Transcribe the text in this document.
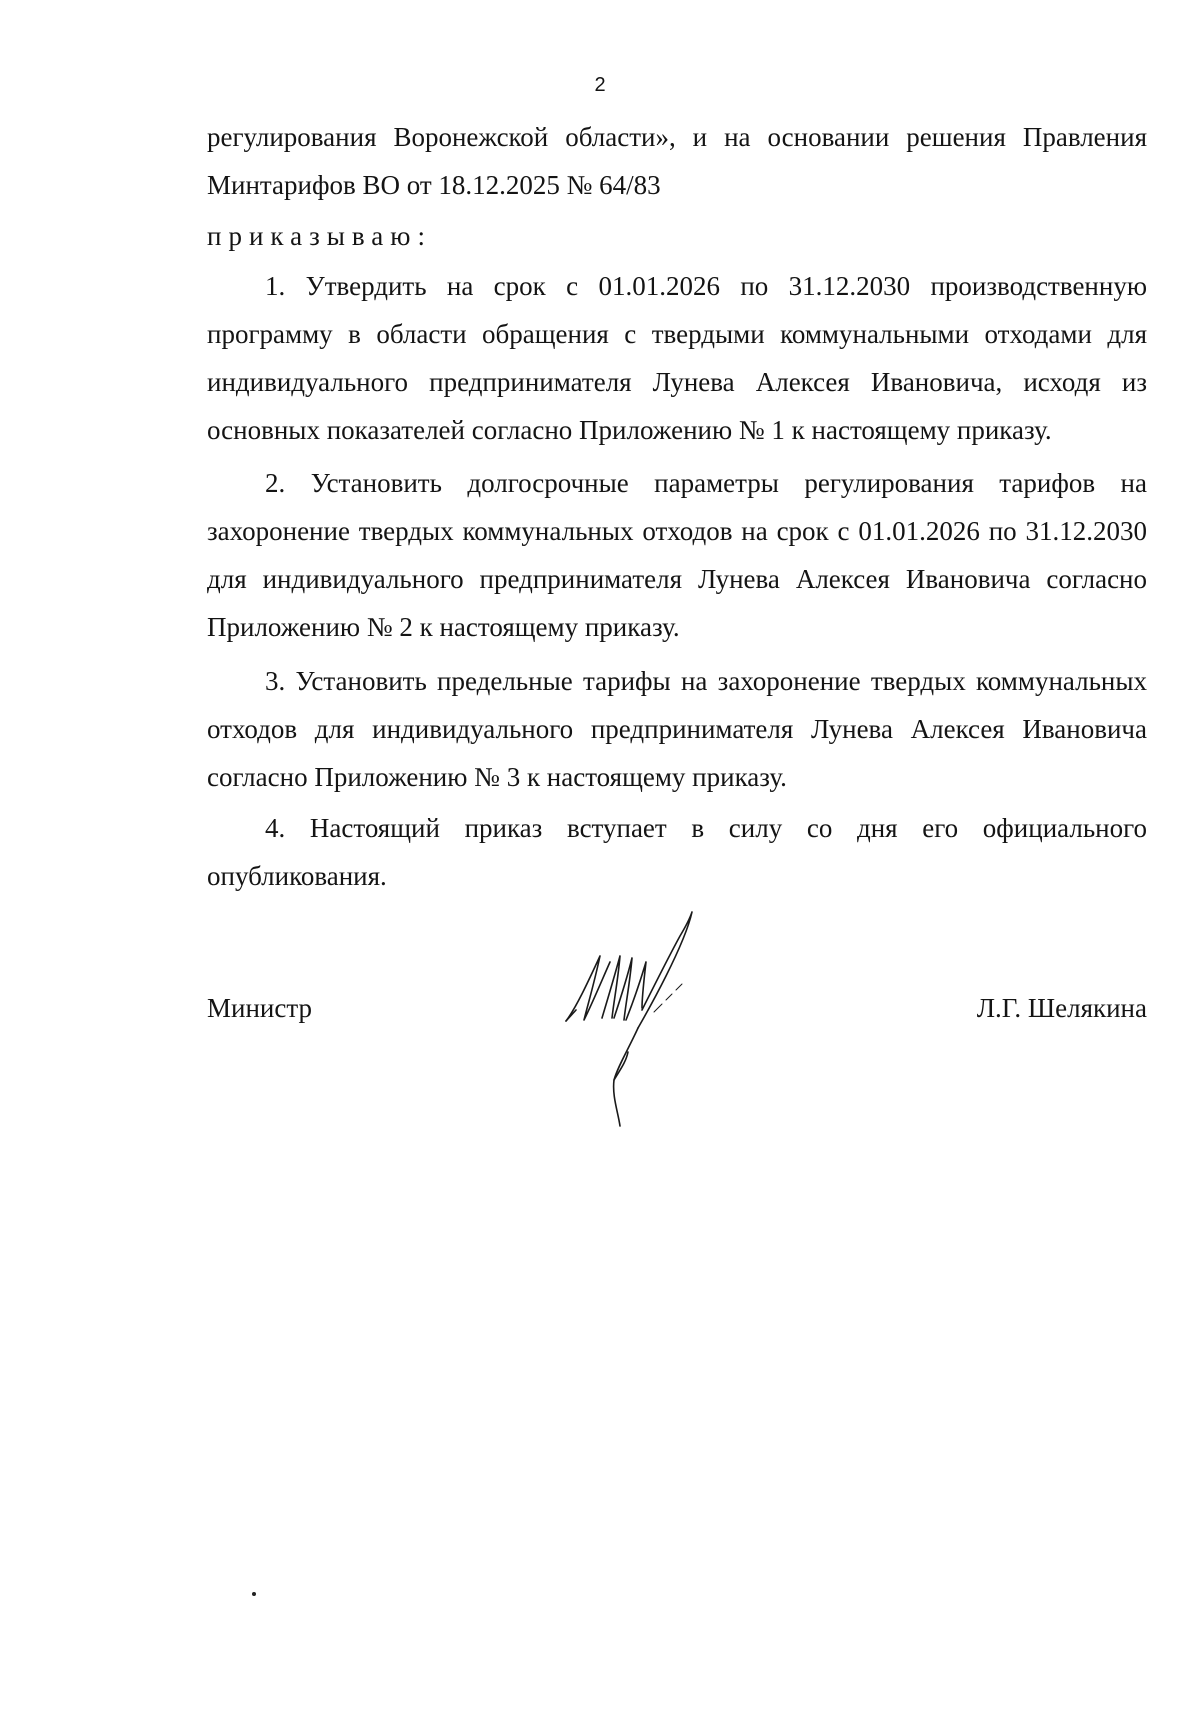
2
регулирования Воронежской области», и на основании решения Правления
Минтарифов ВО от 18.12.2025 № 64/83
приказываю:

1. Утвердить на срок с 01.01.2026 по 31.12.2030 производственную программу в области обращения с твердыми коммунальными отходами для индивидуального предпринимателя Лунева Алексея Ивановича, исходя из основных показателей согласно Приложению № 1 к настоящему приказу.

2. Установить долгосрочные параметры регулирования тарифов на захоронение твердых коммунальных отходов на срок с 01.01.2026 по 31.12.2030 для индивидуального предпринимателя Лунева Алексея Ивановича согласно Приложению № 2 к настоящему приказу.

3. Установить предельные тарифы на захоронение твердых коммунальных отходов для индивидуального предпринимателя Лунева Алексея Ивановича согласно Приложению № 3 к настоящему приказу.

4. Настоящий приказ вступает в силу со дня его официального опубликования.

Министр	Л.Г. Шелякина
